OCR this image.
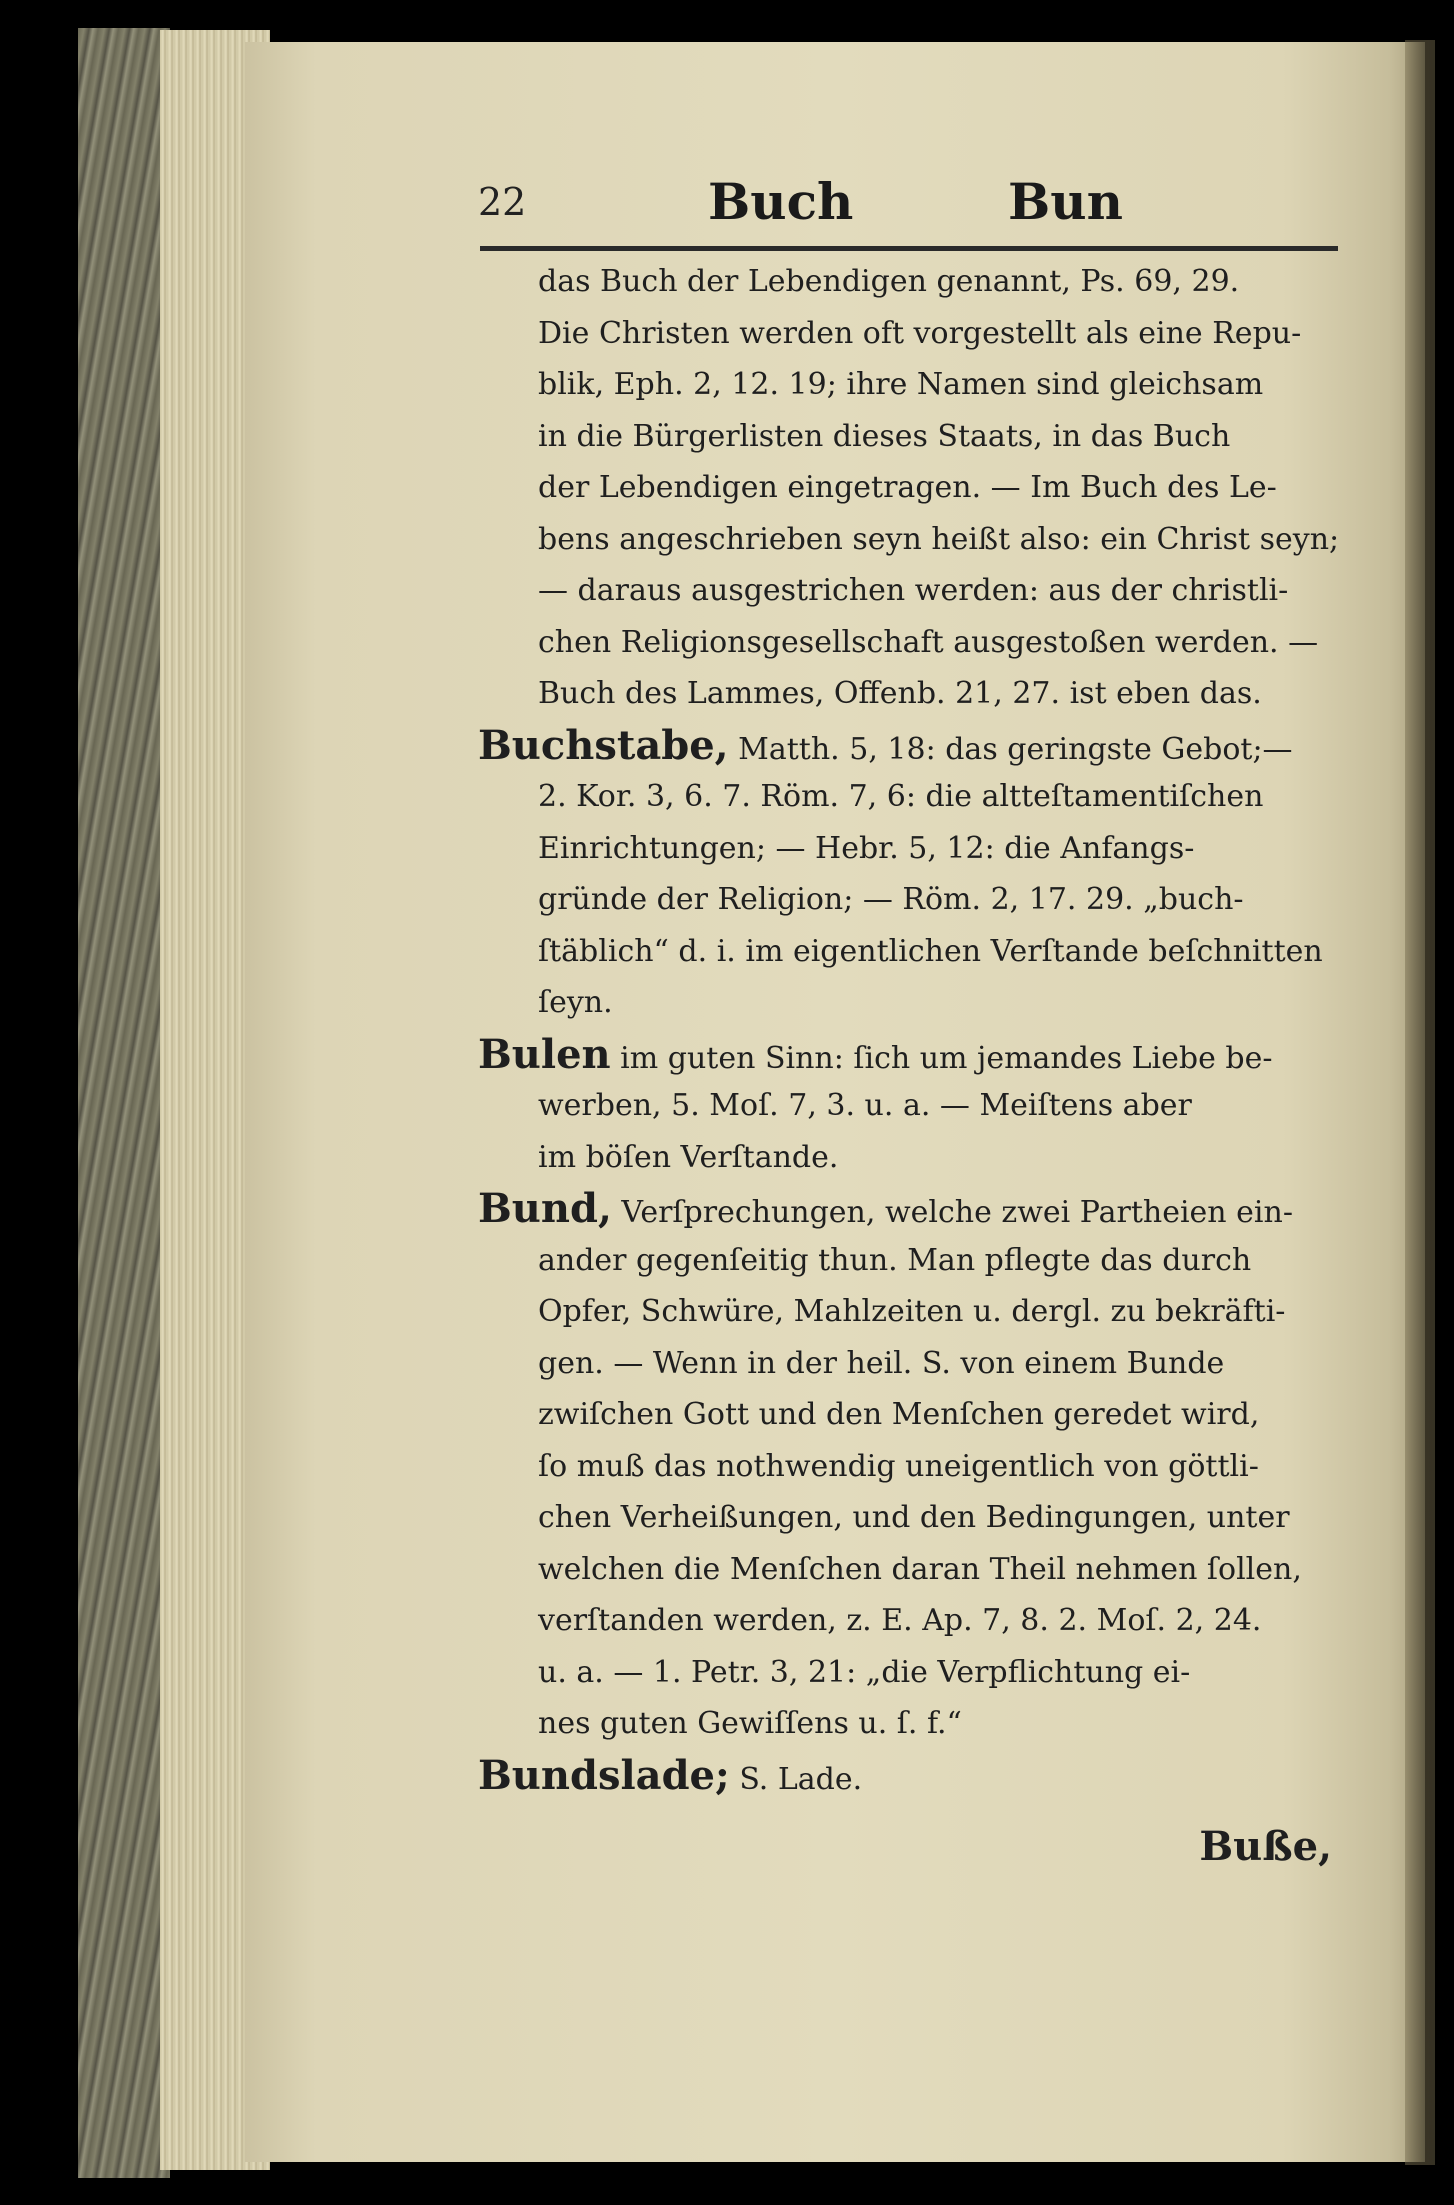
22	Buch	Bun
das Buch der Lebendigen genannt, Ps. 69, 29.
Die Christen werden oft vorgestellt als eine Repu-
blik, Eph. 2, 12. 19; ihre Namen sind gleichsam
in die Bürgerlisten dieses Staats, in das Buch
der Lebendigen eingetragen. — Im Buch des Le-
bens angeschrieben seyn heißt also: ein Christ seyn;
— daraus ausgestrichen werden: aus der christli-
chen Religionsgesellschaft ausgestoßen werden. —
Buch des Lammes, Offenb. 21, 27. ist eben das.
Buchstabe, Matth. 5, 18: das geringste Gebot;—
2. Kor. 3, 6. 7. Röm. 7, 6: die altteſtamentiſchen
Einrichtungen; — Hebr. 5, 12: die Anfangs-
gründe der Religion; — Röm. 2, 17. 29. „buch-
ſtäblich“ d. i. im eigentlichen Verſtande beſchnitten
ſeyn.
Bulen im guten Sinn: ſich um jemandes Liebe be-
werben, 5. Moſ. 7, 3. u. a. — Meiſtens aber
im böſen Verſtande.
Bund, Verſprechungen, welche zwei Partheien ein-
ander gegenſeitig thun. Man pflegte das durch
Opfer, Schwüre, Mahlzeiten u. dergl. zu bekräfti-
gen. — Wenn in der heil. S. von einem Bunde
zwiſchen Gott und den Menſchen geredet wird,
ſo muß das nothwendig uneigentlich von göttli-
chen Verheißungen, und den Bedingungen, unter
welchen die Menſchen daran Theil nehmen ſollen,
verſtanden werden, z. E. Ap. 7, 8. 2. Moſ. 2, 24.
u. a. — 1. Petr. 3, 21: „die Verpflichtung ei-
nes guten Gewiſſens u. ſ. f.“
Bundslade; S. Lade.
Buße,
